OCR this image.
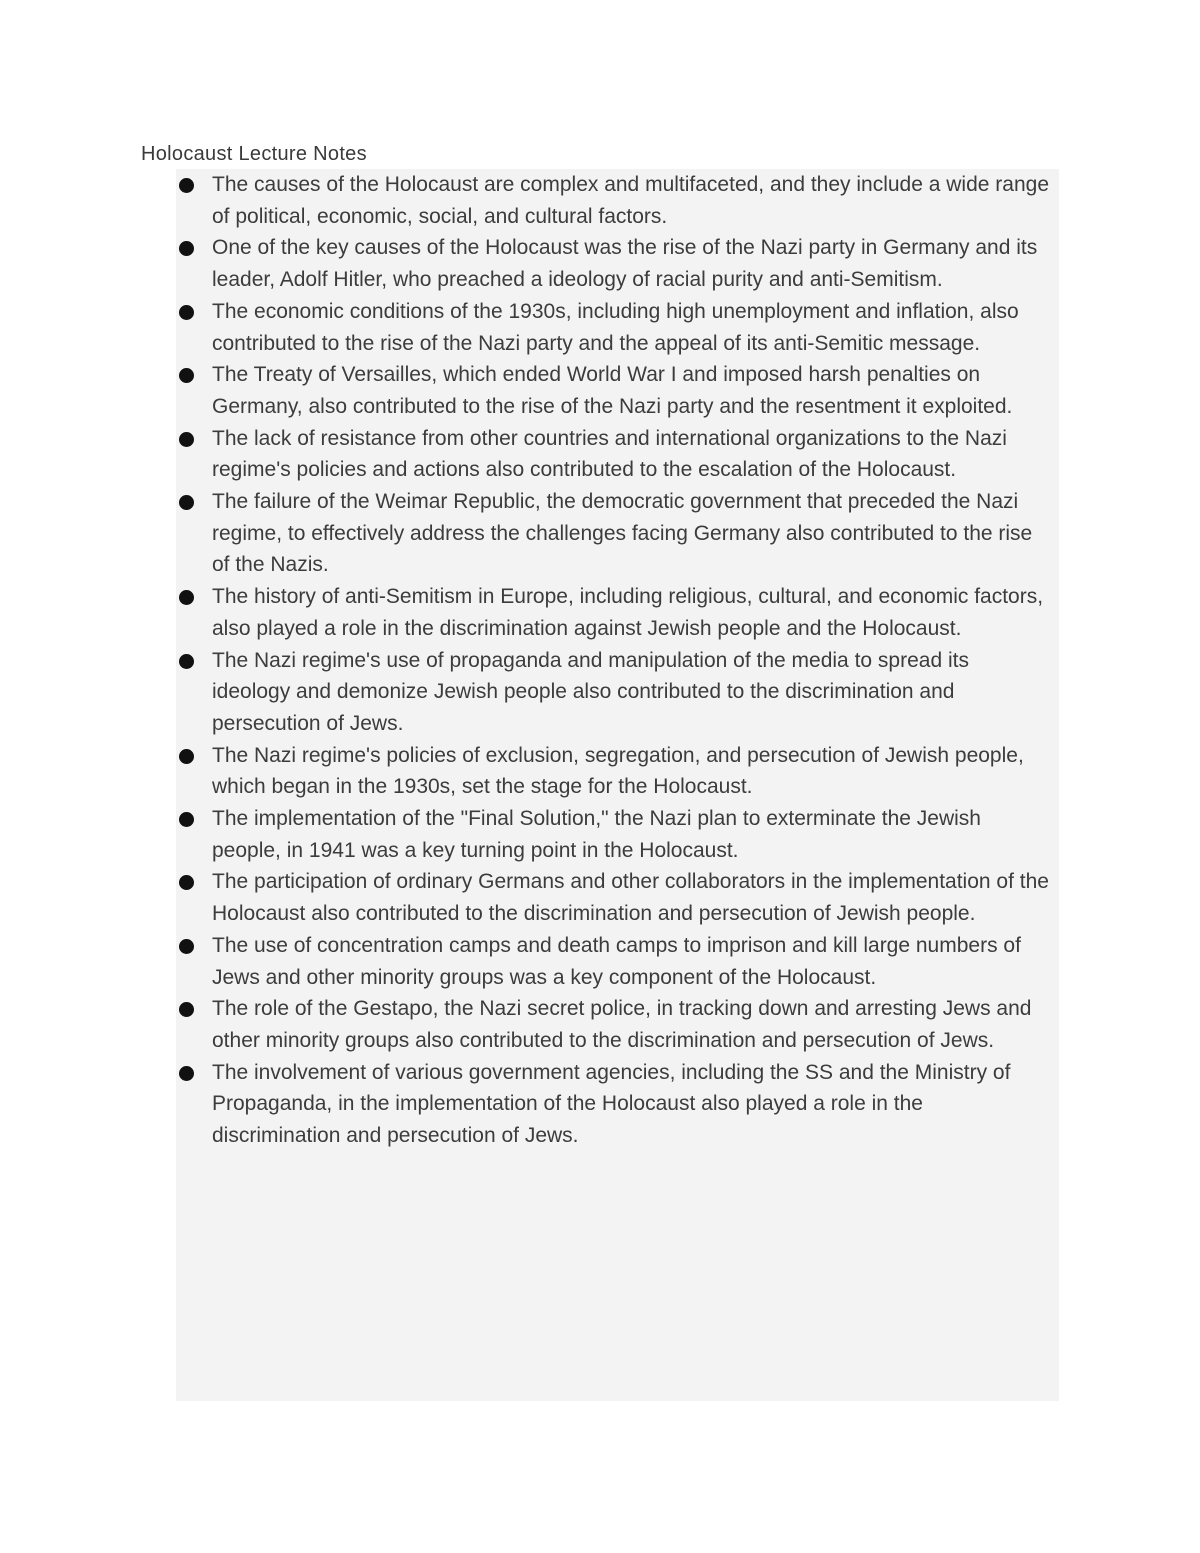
Holocaust Lecture Notes
The causes of the Holocaust are complex and multifaceted, and they include a wide range of political, economic, social, and cultural factors.
One of the key causes of the Holocaust was the rise of the Nazi party in Germany and its leader, Adolf Hitler, who preached a ideology of racial purity and anti-Semitism.
The economic conditions of the 1930s, including high unemployment and inflation, also contributed to the rise of the Nazi party and the appeal of its anti-Semitic message.
The Treaty of Versailles, which ended World War I and imposed harsh penalties on Germany, also contributed to the rise of the Nazi party and the resentment it exploited.
The lack of resistance from other countries and international organizations to the Nazi regime's policies and actions also contributed to the escalation of the Holocaust.
The failure of the Weimar Republic, the democratic government that preceded the Nazi regime, to effectively address the challenges facing Germany also contributed to the rise of the Nazis.
The history of anti-Semitism in Europe, including religious, cultural, and economic factors, also played a role in the discrimination against Jewish people and the Holocaust.
The Nazi regime's use of propaganda and manipulation of the media to spread its ideology and demonize Jewish people also contributed to the discrimination and persecution of Jews.
The Nazi regime's policies of exclusion, segregation, and persecution of Jewish people, which began in the 1930s, set the stage for the Holocaust.
The implementation of the "Final Solution," the Nazi plan to exterminate the Jewish people, in 1941 was a key turning point in the Holocaust.
The participation of ordinary Germans and other collaborators in the implementation of the Holocaust also contributed to the discrimination and persecution of Jewish people.
The use of concentration camps and death camps to imprison and kill large numbers of Jews and other minority groups was a key component of the Holocaust.
The role of the Gestapo, the Nazi secret police, in tracking down and arresting Jews and other minority groups also contributed to the discrimination and persecution of Jews.
The involvement of various government agencies, including the SS and the Ministry of Propaganda, in the implementation of the Holocaust also played a role in the discrimination and persecution of Jews.
